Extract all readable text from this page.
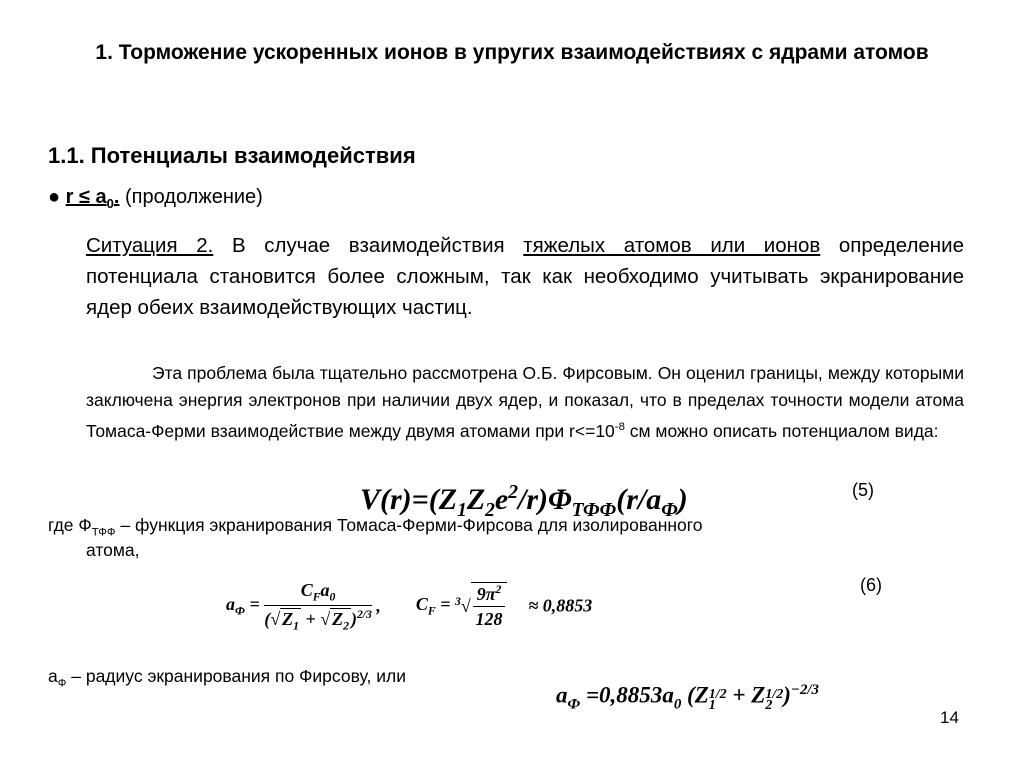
1. Торможение ускоренных ионов в упругих взаимодействиях с ядрами атомов
1.1. Потенциалы взаимодействия
● $r \le a_0$. (продолжение)
Ситуация 2. В случае взаимодействия тяжелых атомов или ионов определение потенциала становится более сложным, так как необходимо учитывать экранирование ядер обеих взаимодействующих частиц.
Эта проблема была тщательно рассмотрена О.Б. Фирсовым. Он оценил границы, между которыми заключена энергия электронов при наличии двух ядер, и показал, что в пределах точности модели атома Томаса-Ферми взаимодействие между двумя атомами при $r<=10^{-8}$ см можно описать потенциалом вида:
(5)
$V(r)=(Z_1Z_2e^2/r)\Phi_{ТФФ}(r/a_Ф)$
где $Ф_{ТФФ}$ – функция экранирования Томаса-Ферми-Фирсова для изолированного
атома,
(6)
$a_Ф = \frac{C_Fa_0}{(√ Z_1 + √ Z_2 )^{2/3}}$ , $C_F = ^3√ \frac{9\pi^2}{128} \approx 0,8853$
$a_Ф$ – радиус экранирования по Фирсову, или
$a_Ф =0,8853a_0$ (Z 1/2
1 + Z 1/2
2 )$^{-2/3}$
14
